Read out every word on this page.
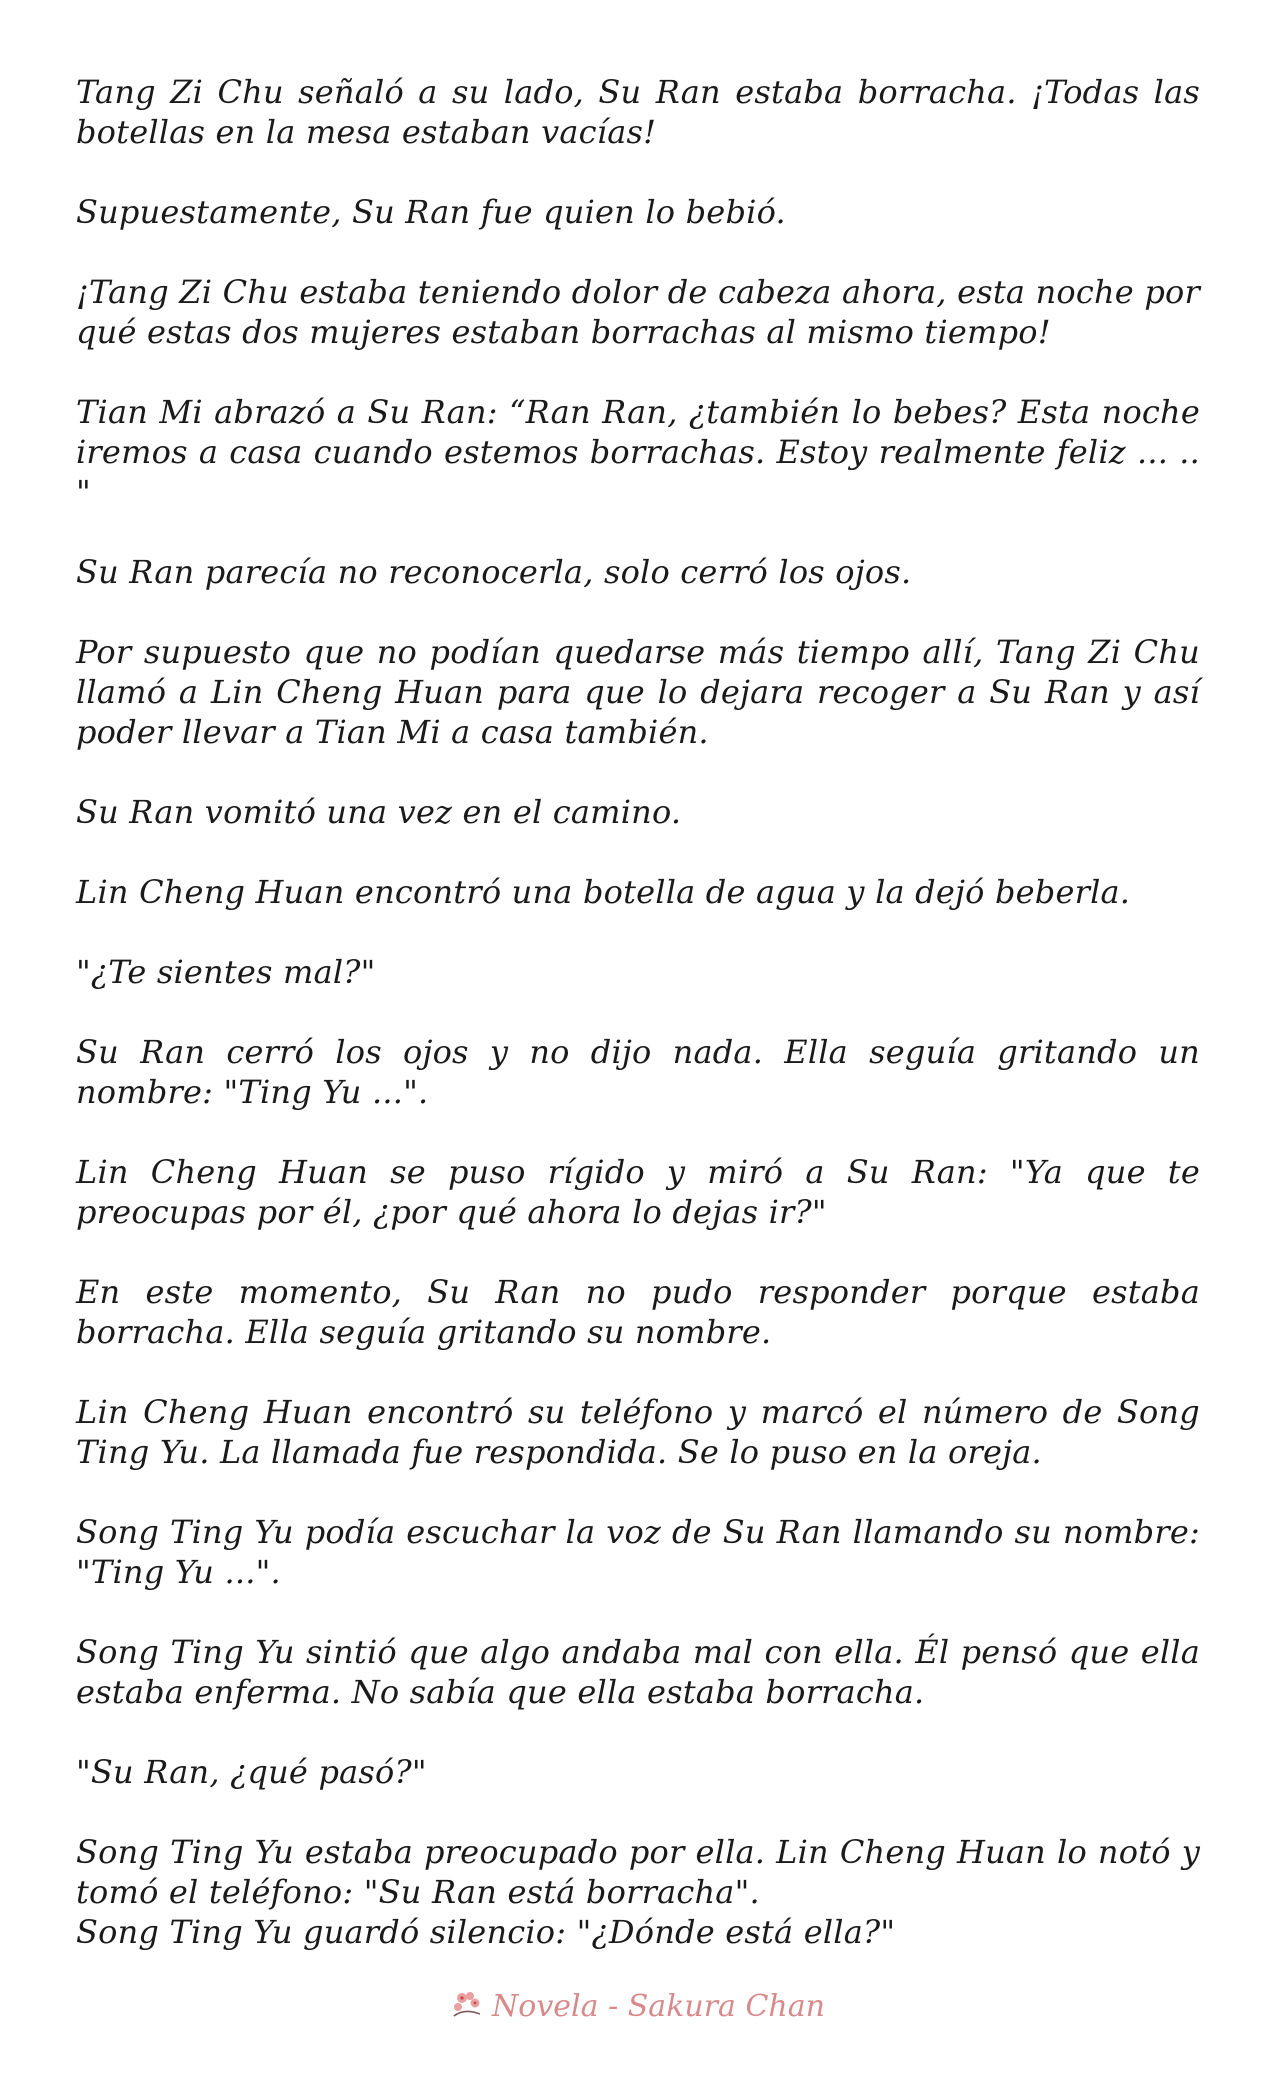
Tang Zi Chu señaló a su lado, Su Ran estaba borracha. ¡Todas las botellas en la mesa estaban vacías!

Supuestamente, Su Ran fue quien lo bebió.

¡Tang Zi Chu estaba teniendo dolor de cabeza ahora, esta noche por qué estas dos mujeres estaban borrachas al mismo tiempo!

Tian Mi abrazó a Su Ran: “Ran Ran, ¿también lo bebes? Esta noche iremos a casa cuando estemos borrachas. Estoy realmente feliz ... .. "

Su Ran parecía no reconocerla, solo cerró los ojos.

Por supuesto que no podían quedarse más tiempo allí, Tang Zi Chu llamó a Lin Cheng Huan para que lo dejara recoger a Su Ran y así poder llevar a Tian Mi a casa también.

Su Ran vomitó una vez en el camino.

Lin Cheng Huan encontró una botella de agua y la dejó beberla.

"¿Te sientes mal?"

Su Ran cerró los ojos y no dijo nada. Ella seguía gritando un nombre: "Ting Yu ...".

Lin Cheng Huan se puso rígido y miró a Su Ran: "Ya que te preocupas por él, ¿por qué ahora lo dejas ir?"

En este momento, Su Ran no pudo responder porque estaba borracha. Ella seguía gritando su nombre.

Lin Cheng Huan encontró su teléfono y marcó el número de Song Ting Yu. La llamada fue respondida. Se lo puso en la oreja.

Song Ting Yu podía escuchar la voz de Su Ran llamando su nombre: "Ting Yu ...".

Song Ting Yu sintió que algo andaba mal con ella. Él pensó que ella estaba enferma. No sabía que ella estaba borracha.

"Su Ran, ¿qué pasó?"

Song Ting Yu estaba preocupado por ella. Lin Cheng Huan lo notó y tomó el teléfono: "Su Ran está borracha".

Song Ting Yu guardó silencio: "¿Dónde está ella?"

Novela - Sakura Chan
